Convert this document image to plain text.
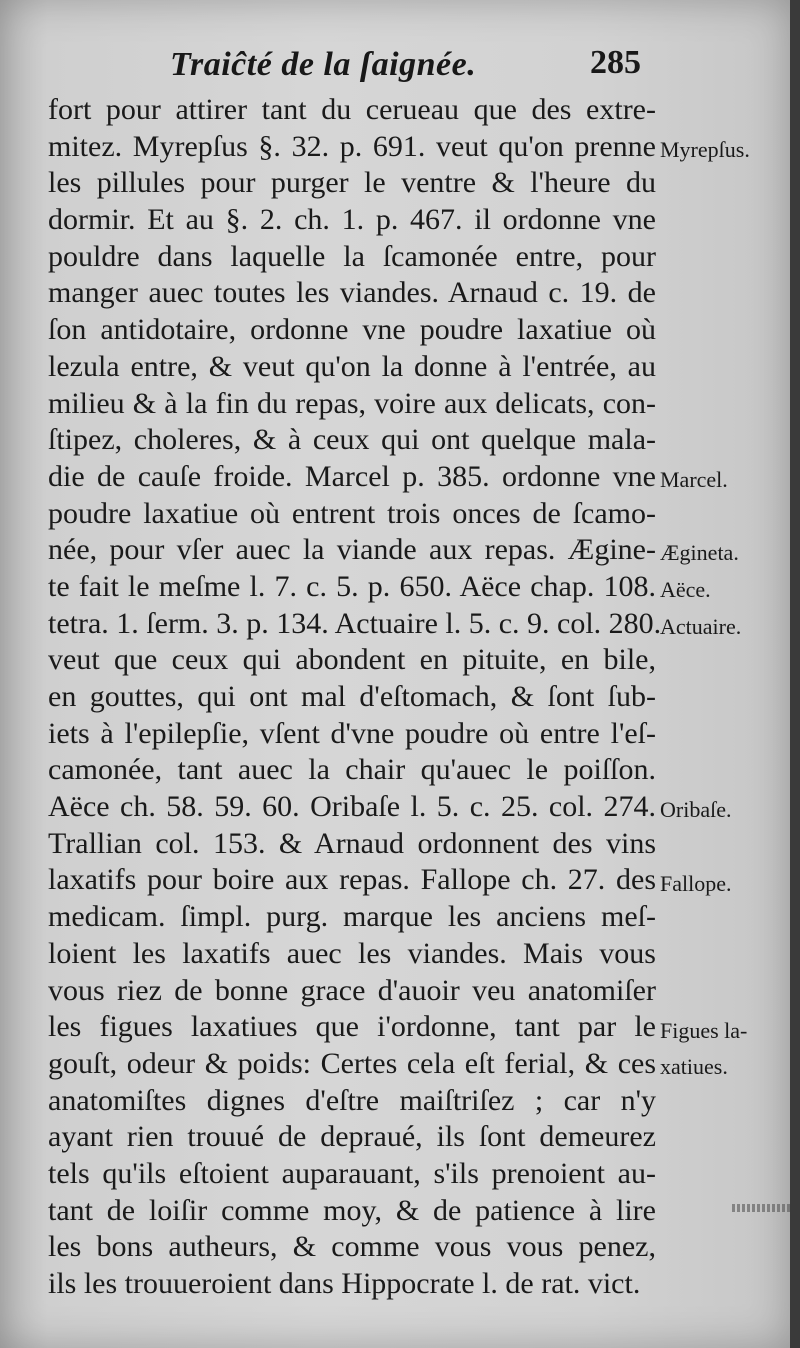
Traiĉté de la ſaignée.	285
fort pour attirer tant du cerueau que des extre-
mitez. Myrepſus §. 32. p. 691. veut qu'on prenne
les pillules pour purger le ventre & l'heure du
dormir. Et au §. 2. ch. 1. p. 467. il ordonne vne
pouldre dans laquelle la ſcamonée entre, pour
manger auec toutes les viandes. Arnaud c. 19. de
ſon antidotaire, ordonne vne poudre laxatiue où
lezula entre, & veut qu'on la donne à l'entrée, au
milieu & à la fin du repas, voire aux delicats, con-
ſtipez, choleres, & à ceux qui ont quelque mala-
die de cauſe froide. Marcel p. 385. ordonne vne
poudre laxatiue où entrent trois onces de ſcamo-
née, pour vſer auec la viande aux repas. Ægine-
te fait le meſme l. 7. c. 5. p. 650. Aëce chap. 108.
tetra. 1. ſerm. 3. p. 134. Actuaire l. 5. c. 9. col. 280.
veut que ceux qui abondent en pituite, en bile,
en gouttes, qui ont mal d'eſtomach, & ſont ſub-
iets à l'epilepſie, vſent d'vne poudre où entre l'eſ-
camonée, tant auec la chair qu'auec le poiſſon.
Aëce ch. 58. 59. 60. Oribaſe l. 5. c. 25. col. 274.
Trallian col. 153. & Arnaud ordonnent des vins
laxatifs pour boire aux repas. Fallope ch. 27. des
medicam. ſimpl. purg. marque les anciens meſ-
loient les laxatifs auec les viandes. Mais vous
vous riez de bonne grace d'auoir veu anatomiſer
les figues laxatiues que i'ordonne, tant par le
gouſt, odeur & poids: Certes cela eſt ferial, & ces
anatomiſtes dignes d'eſtre maiſtriſez ; car n'y
ayant rien trouué de depraué, ils ſont demeurez
tels qu'ils eſtoient auparauant, s'ils prenoient au-
tant de loiſir comme moy, & de patience à lire
les bons autheurs, & comme vous vous penez,
ils les trouueroient dans Hippocrate l. de rat. vict.
Myrepſus.
Marcel.
Æginetа.
Aëce.
Actuaire.
Oribaſe.
Fallope.
Figues la-
xatiues.
